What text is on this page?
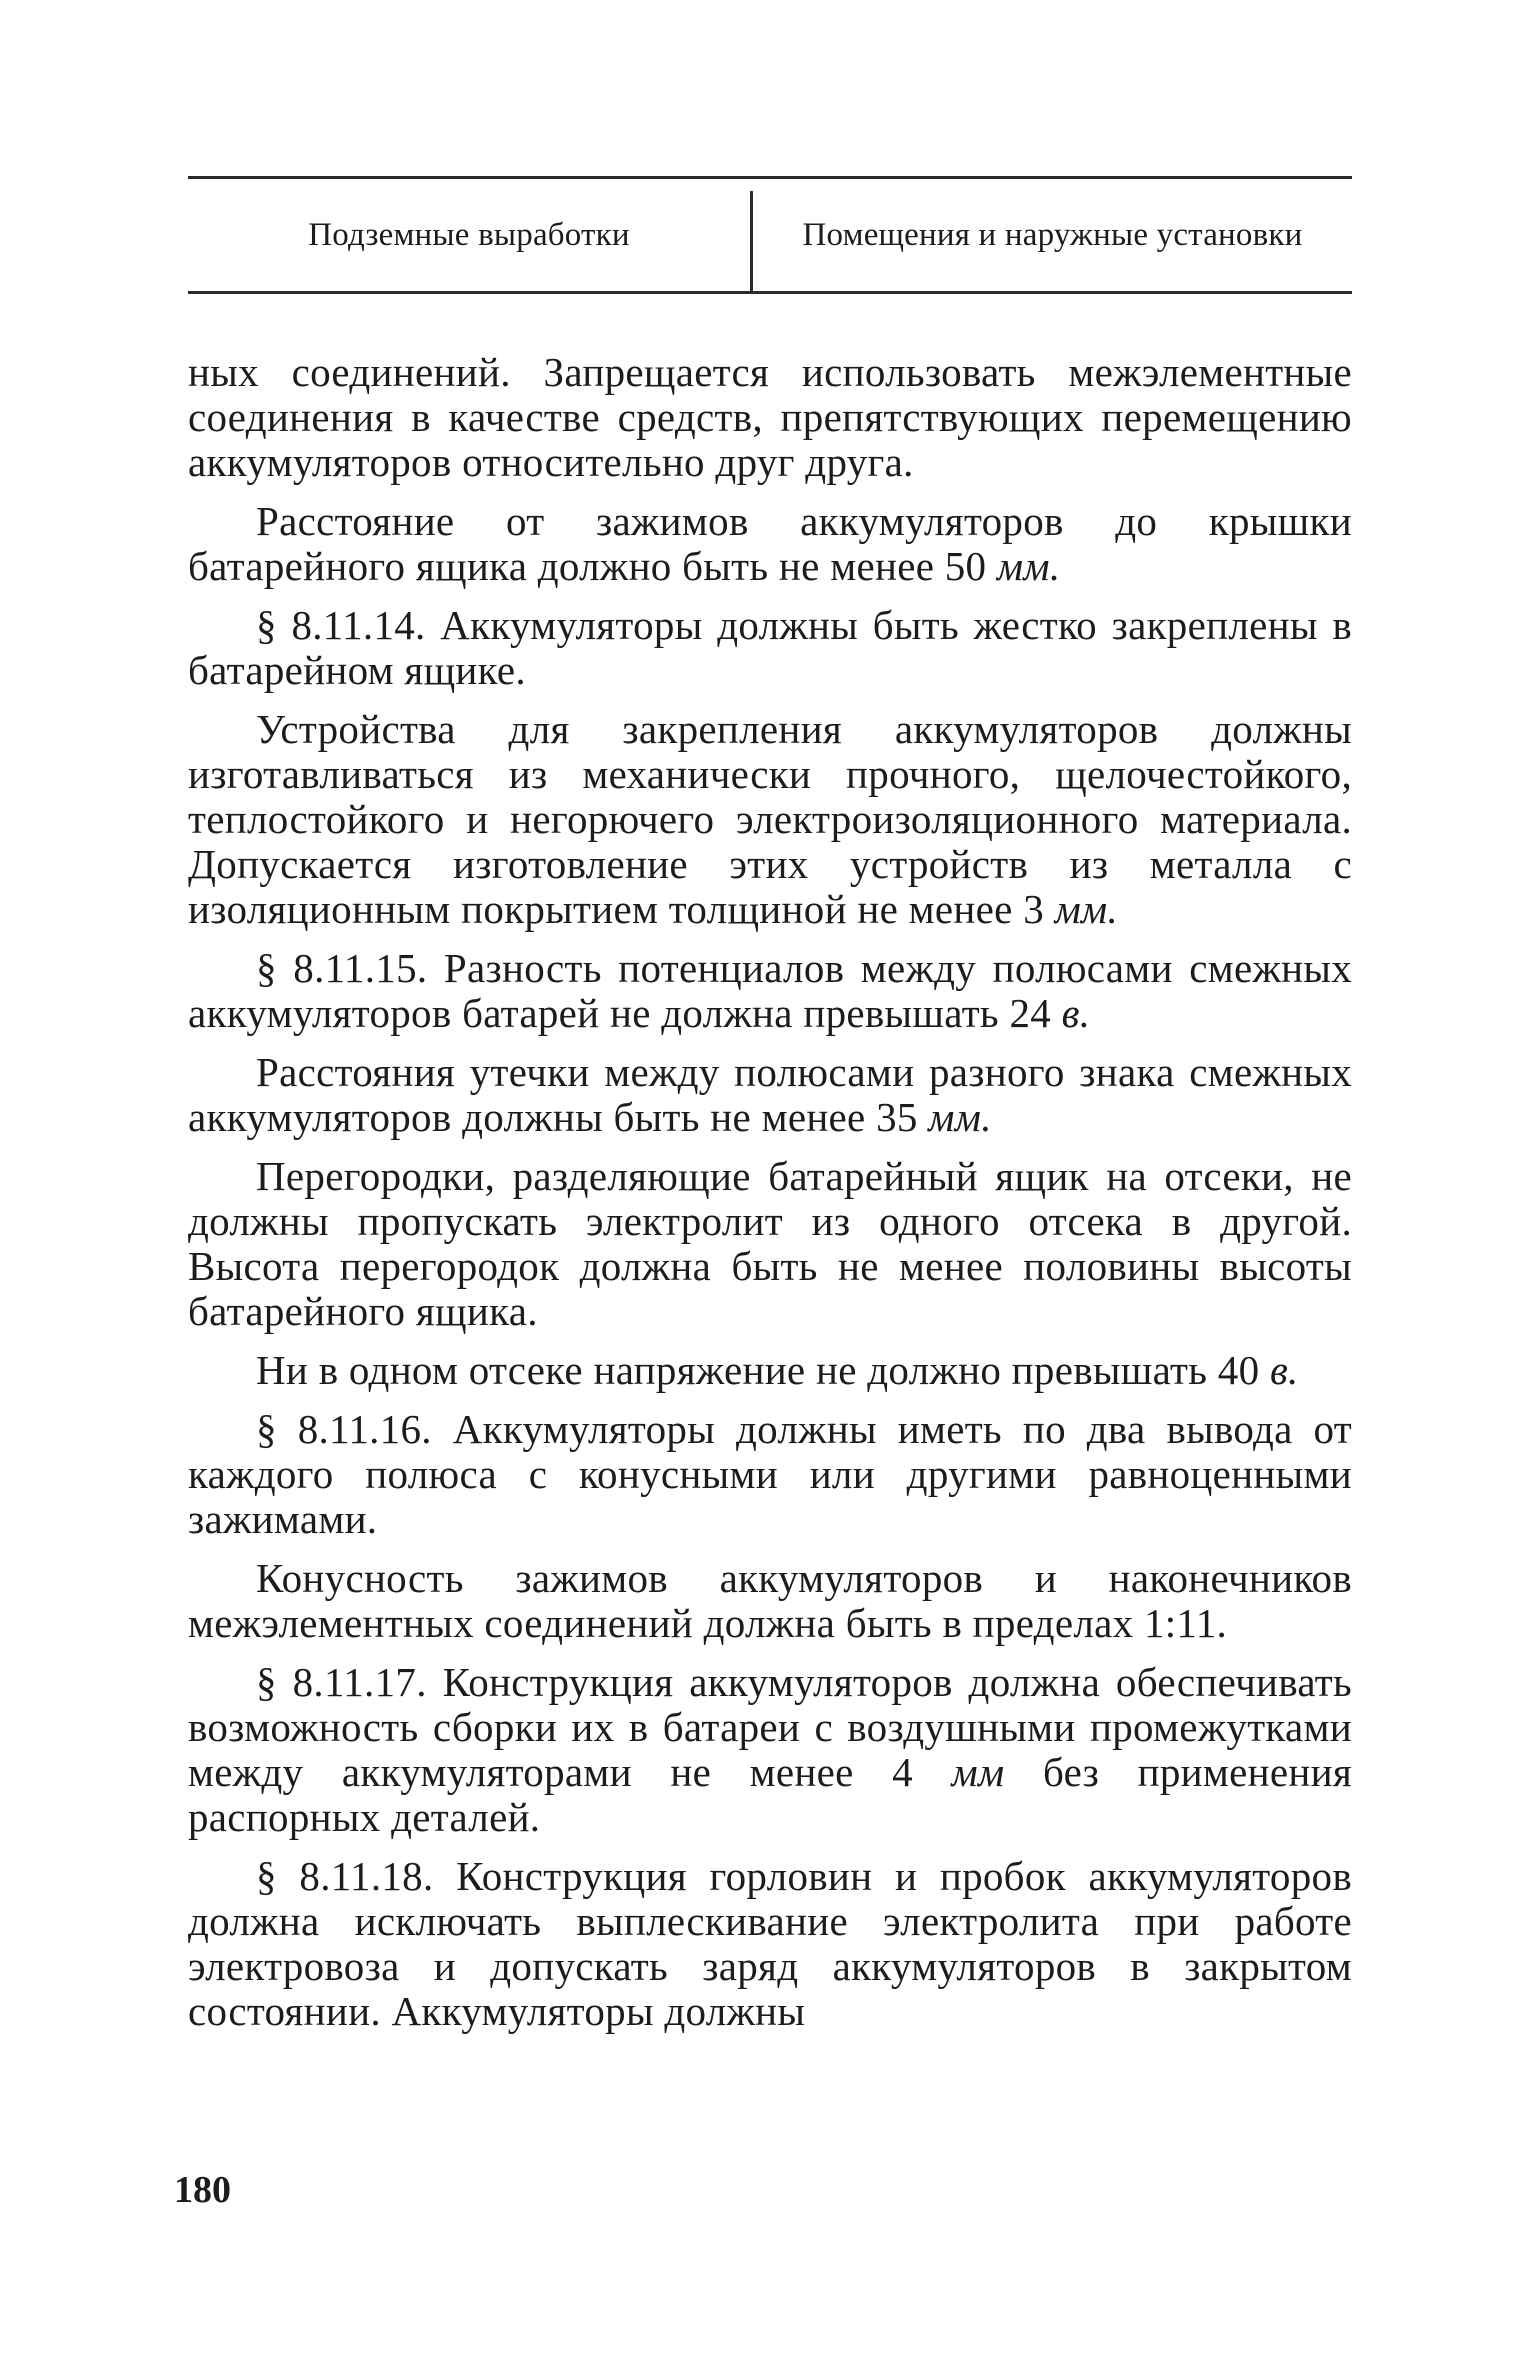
Подземные выработки	Помещения и наружные установки

ных соединений. Запрещается использовать межэлементные соединения в качестве средств, препятствующих перемещению аккумуляторов относительно друг друга.

Расстояние от зажимов аккумуляторов до крышки батарейного ящика должно быть не менее 50 мм.

§ 8.11.14. Аккумуляторы должны быть жестко закреплены в батарейном ящике.

Устройства для закрепления аккумуляторов должны изготавливаться из механически прочного, щелочестойкого, теплостойкого и негорючего электроизоляционного материала. Допускается изготовление этих устройств из металла с изоляционным покрытием толщиной не менее 3 мм.

§ 8.11.15. Разность потенциалов между полюсами смежных аккумуляторов батарей не должна превышать 24 в.

Расстояния утечки между полюсами разного знака смежных аккумуляторов должны быть не менее 35 мм.

Перегородки, разделяющие батарейный ящик на отсеки, не должны пропускать электролит из одного отсека в другой. Высота перегородок должна быть не менее половины высоты батарейного ящика.

Ни в одном отсеке напряжение не должно превышать 40 в.

§ 8.11.16. Аккумуляторы должны иметь по два вывода от каждого полюса с конусными или другими равноценными зажимами.

Конусность зажимов аккумуляторов и наконечников межэлементных соединений должна быть в пределах 1:11.

§ 8.11.17. Конструкция аккумуляторов должна обеспечивать возможность сборки их в батареи с воздушными промежутками между аккумуляторами не менее 4 мм без применения распорных деталей.

§ 8.11.18. Конструкция горловин и пробок аккумуляторов должна исключать выплескивание электролита при работе электровоза и допускать заряд аккумуляторов в закрытом состоянии. Аккумуляторы должны

180
